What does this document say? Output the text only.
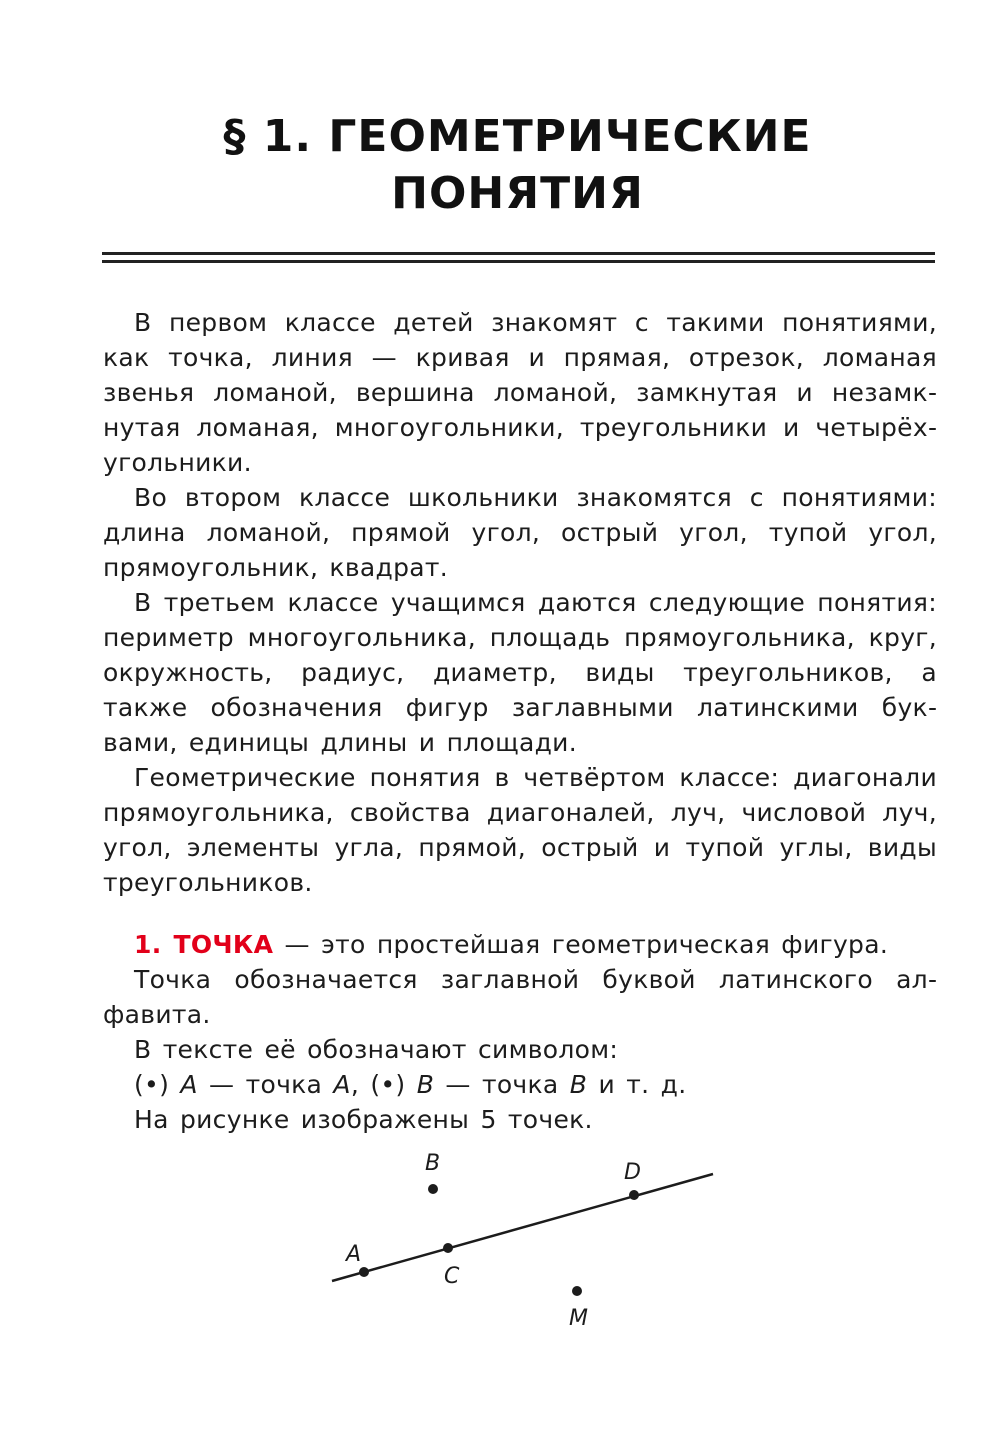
§ 1. ГЕОМЕТРИЧЕСКИЕ
ПОНЯТИЯ

В первом классе детей знакомят с такими понятиями, как точка, линия — кривая и прямая, отрезок, ломаная звенья ломаной, вершина ломаной, замкнутая и незамкнутая ломаная, многоугольники, треугольники и четырёхугольники.

Во втором классе школьники знакомятся с понятиями: длина ломаной, прямой угол, острый угол, тупой угол, прямоугольник, квадрат.

В третьем классе учащимся даются следующие понятия: периметр многоугольника, площадь прямоугольника, круг, окружность, радиус, диаметр, виды треугольников, а также обозначения фигур заглавными латинскими буквами, единицы длины и площади.

Геометрические понятия в четвёртом классе: диагонали прямоугольника, свойства диагоналей, луч, числовой луч, угол, элементы угла, прямой, острый и тупой углы, виды треугольников.

1. ТОЧКА — это простейшая геометрическая фигура.

Точка обозначается заглавной буквой латинского алфавита.

В тексте её обозначают символом:

(•) A — точка A, (•) B — точка B и т. д.

На рисунке изображены 5 точек.

A
B
C
D
M
